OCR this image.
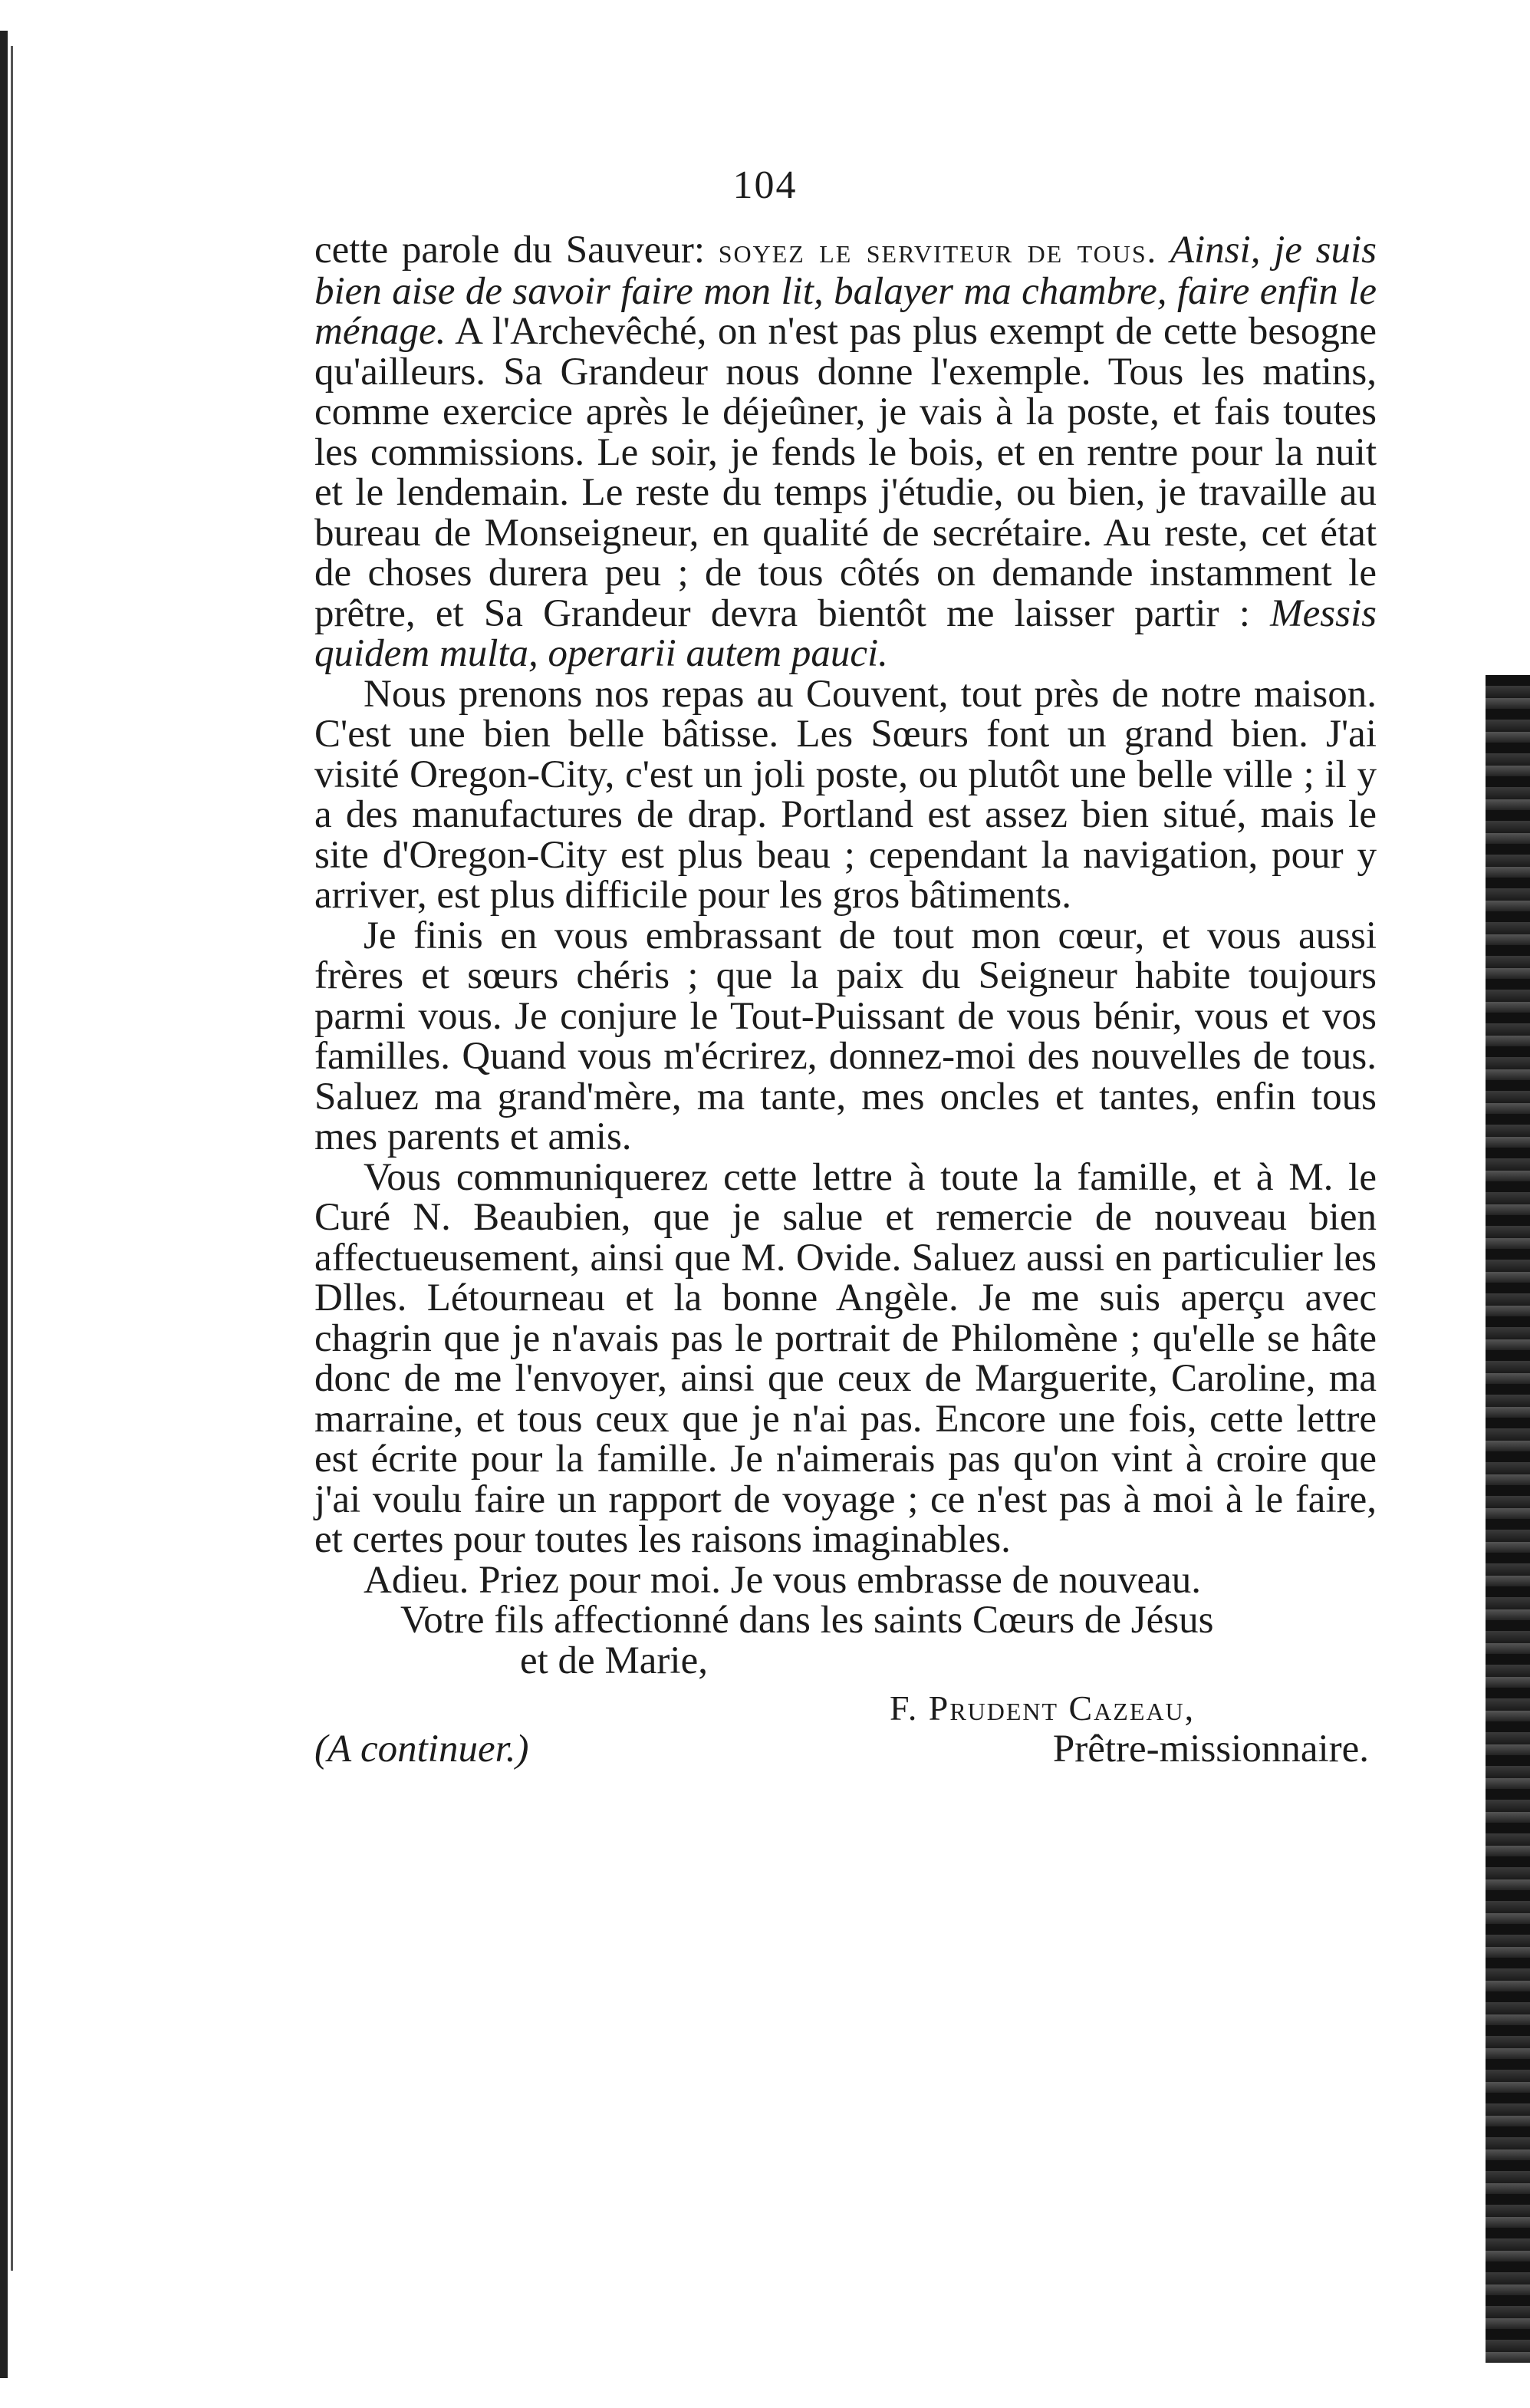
104

cette parole du Sauveur: soyez le serviteur de tous. Ainsi, je suis bien aise de savoir faire mon lit, balayer ma chambre, faire enfin le ménage. A l'Archevêché, on n'est pas plus exempt de cette besogne qu'ailleurs. Sa Grandeur nous donne l'exemple. Tous les matins, comme exercice après le déjeûner, je vais à la poste, et fais toutes les commissions. Le soir, je fends le bois, et en rentre pour la nuit et le lendemain. Le reste du temps j'étudie, ou bien, je travaille au bureau de Monseigneur, en qualité de secrétaire. Au reste, cet état de choses durera peu ; de tous côtés on demande instamment le prêtre, et Sa Grandeur devra bientôt me laisser partir : Messis quidem multa, operarii autem pauci.

Nous prenons nos repas au Couvent, tout près de notre maison. C'est une bien belle bâtisse. Les Sœurs font un grand bien. J'ai visité Oregon-City, c'est un joli poste, ou plutôt une belle ville ; il y a des manufactures de drap. Portland est assez bien situé, mais le site d'Oregon-City est plus beau ; cependant la navigation, pour y arriver, est plus difficile pour les gros bâtiments.

Je finis en vous embrassant de tout mon cœur, et vous aussi frères et sœurs chéris ; que la paix du Seigneur habite toujours parmi vous. Je conjure le Tout-Puissant de vous bénir, vous et vos familles. Quand vous m'écrirez, donnez-moi des nouvelles de tous. Saluez ma grand'mère, ma tante, mes oncles et tantes, enfin tous mes parents et amis.

Vous communiquerez cette lettre à toute la famille, et à M. le Curé N. Beaubien, que je salue et remercie de nouveau bien affectueusement, ainsi que M. Ovide. Saluez aussi en particulier les Dlles. Létourneau et la bonne Angèle. Je me suis aperçu avec chagrin que je n'avais pas le portrait de Philomène ; qu'elle se hâte donc de me l'envoyer, ainsi que ceux de Marguerite, Caroline, ma marraine, et tous ceux que je n'ai pas. Encore une fois, cette lettre est écrite pour la famille. Je n'aimerais pas qu'on vint à croire que j'ai voulu faire un rapport de voyage ; ce n'est pas à moi à le faire, et certes pour toutes les raisons imaginables.

Adieu. Priez pour moi. Je vous embrasse de nouveau.

Votre fils affectionné dans les saints Cœurs de Jésus

et de Marie,

F. Prudent Cazeau,

(A continuer.)	Prêtre-missionnaire.
